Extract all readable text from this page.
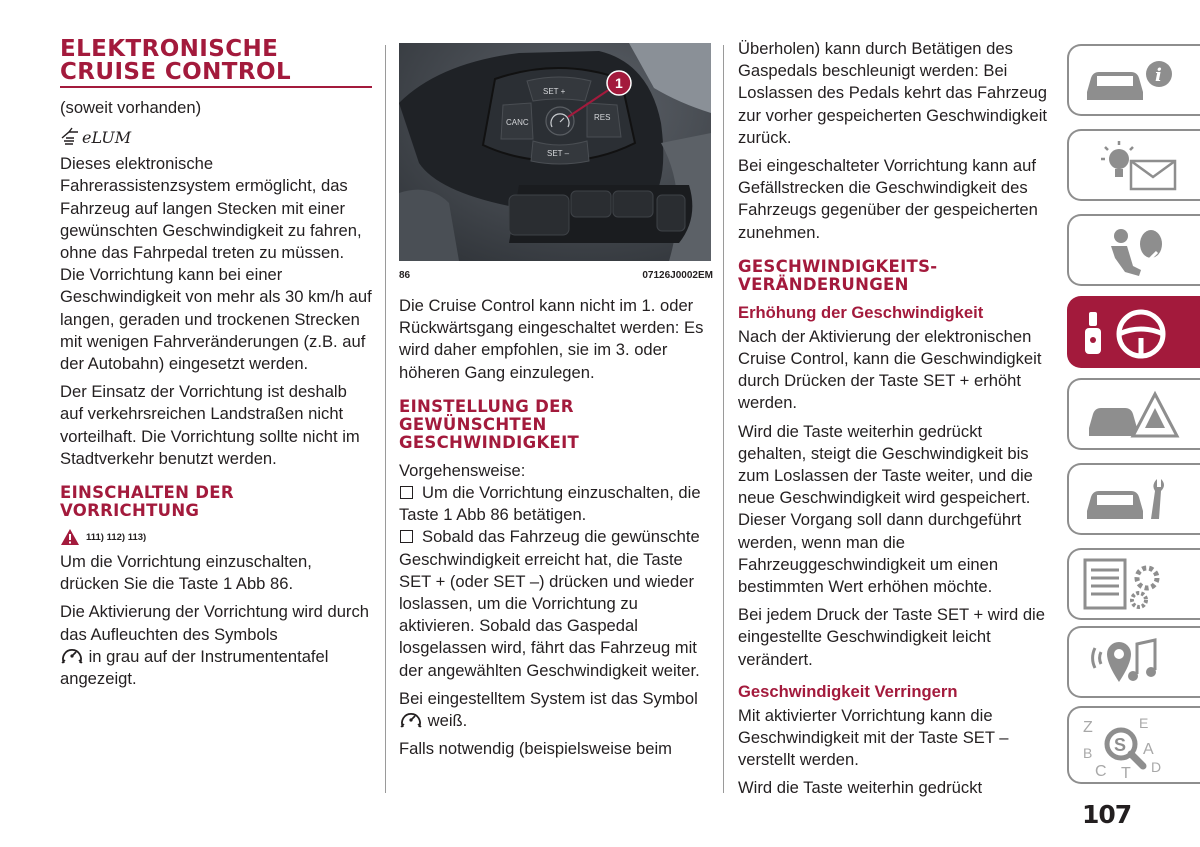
ELEKTRONISCHE CRUISE CONTROL

(soweit vorhanden)

eLUM

Dieses elektronische Fahrerassistenzsystem ermöglicht, das Fahrzeug auf langen Stecken mit einer gewünschten Geschwindigkeit zu fahren, ohne das Fahrpedal treten zu müssen. Die Vorrichtung kann bei einer Geschwindigkeit von mehr als 30 km/h auf langen, geraden und trockenen Strecken mit wenigen Fahrveränderungen (z.B. auf der Autobahn) eingesetzt werden.

Der Einsatz der Vorrichtung ist deshalb auf verkehrsreichen Landstraßen nicht vorteilhaft. Die Vorrichtung sollte nicht im Stadtverkehr benutzt werden.

EINSCHALTEN DER VORRICHTUNG
111) 112) 113)

Um die Vorrichtung einzuschalten, drücken Sie die Taste 1 Abb 86.

Die Aktivierung der Vorrichtung wird durch das Aufleuchten des Symbols
in grau auf der Instrumententafel angezeigt.

SET +
CANC
RES
SET –
1
86	07126J0002EM

Die Cruise Control kann nicht im 1. oder Rückwärtsgang eingeschaltet werden: Es wird daher empfohlen, sie im 3. oder höheren Gang einzulegen.

EINSTELLUNG DER GEWÜNSCHTEN GESCHWINDIGKEIT

Vorgehensweise:

Um die Vorrichtung einzuschalten, die Taste 1 Abb 86 betätigen.

Sobald das Fahrzeug die gewünschte Geschwindigkeit erreicht hat, die Taste SET + (oder SET –) drücken und wieder loslassen, um die Vorrichtung zu aktivieren. Sobald das Gaspedal losgelassen wird, fährt das Fahrzeug mit der angewählten Geschwindigkeit weiter.

Bei eingestelltem System ist das Symbol  weiß.

Falls notwendig (beispielsweise beim

Überholen) kann durch Betätigen des Gaspedals beschleunigt werden: Bei Loslassen des Pedals kehrt das Fahrzeug zur vorher gespeicherten Geschwindigkeit zurück.

Bei eingeschalteter Vorrichtung kann auf Gefällstrecken die Geschwindigkeit des Fahrzeugs gegenüber der gespeicherten zunehmen.

GESCHWINDIGKEITS-VERÄNDERUNGEN
Erhöhung der Geschwindigkeit

Nach der Aktivierung der elektronischen Cruise Control, kann die Geschwindigkeit durch Drücken der Taste SET + erhöht werden.

Wird die Taste weiterhin gedrückt gehalten, steigt die Geschwindigkeit bis zum Loslassen der Taste weiter, und die neue Geschwindigkeit wird gespeichert. Dieser Vorgang soll dann durchgeführt werden, wenn man die Fahrzeuggeschwindigkeit um einen bestimmten Wert erhöhen möchte.

Bei jedem Druck der Taste SET + wird die eingestellte Geschwindigkeit leicht verändert.

Geschwindigkeit Verringern

Mit aktivierter Vorrichtung kann die Geschwindigkeit mit der Taste SET – verstellt werden.

Wird die Taste weiterhin gedrückt

i
Z	E
B	A
C T D
S
107
